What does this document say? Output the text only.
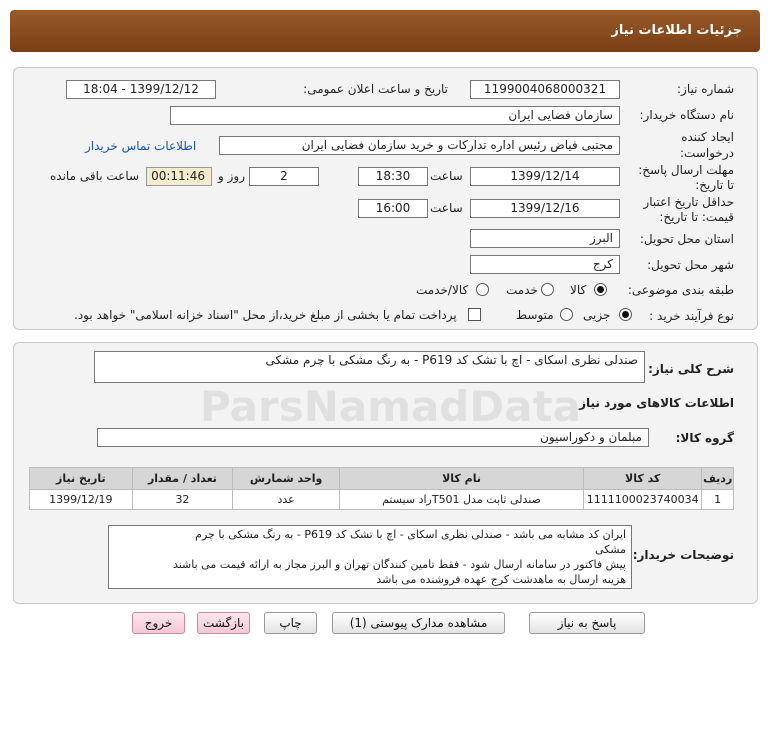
جزئیات اطلاعات نیاز
شماره نیاز:
1199004068000321
تاریخ و ساعت اعلان عمومی:
1399/12/12 - 18:04
نام دستگاه خریدار:
سازمان فضایی ایران
ایجاد کننده
درخواست:
مجتبی فیاض رئیس اداره تدارکات و خرید سازمان فضایی ایران
اطلاعات تماس خریدار
مهلت ارسال پاسخ:
تا تاریخ:
1399/12/14
ساعت
18:30
2
روز و
00:11:46
ساعت باقی مانده
حداقل تاریخ اعتبار
قیمت: تا تاریخ:
1399/12/16
ساعت
16:00
استان محل تحویل:
البرز
شهر محل تحویل:
کرج
طبقه بندی موضوعی:
کالا
خدمت
کالا/خدمت
نوع فرآیند خرید :
جزیی
متوسط
پرداخت تمام یا بخشی از مبلغ خرید،از محل "اسناد خزانه اسلامی" خواهد بود.
شرح کلی نیاز:
صندلی نظری اسکای - اچ با تشک کد P619 - به رنگ مشکی با چرم مشکی
اطلاعات کالاهای مورد نیاز
گروه کالا:
مبلمان و دکوراسیون
ردیف	کد کالا	نام کالا	واحد شمارش	تعداد / مقدار	تاریخ نیاز
1	1111100023740034	صندلی ثابت مدل T501راد سیستم	عدد	32	1399/12/19
توضیحات خریدار:
ایران کد مشابه می باشد - صندلی نظری اسکای - اچ با تشک کد P619 - به رنگ مشکی با چرم
مشکی
پیش فاکتور در سامانه ارسال شود - فقط تامین کنندگان تهران و البرز مجاز به ارائه قیمت می باشند
هزینه ارسال به ماهدشت کرج عهده فروشنده می باشد
پاسخ به نیاز
مشاهده مدارک پیوستی (1)
چاپ
بازگشت
خروج
